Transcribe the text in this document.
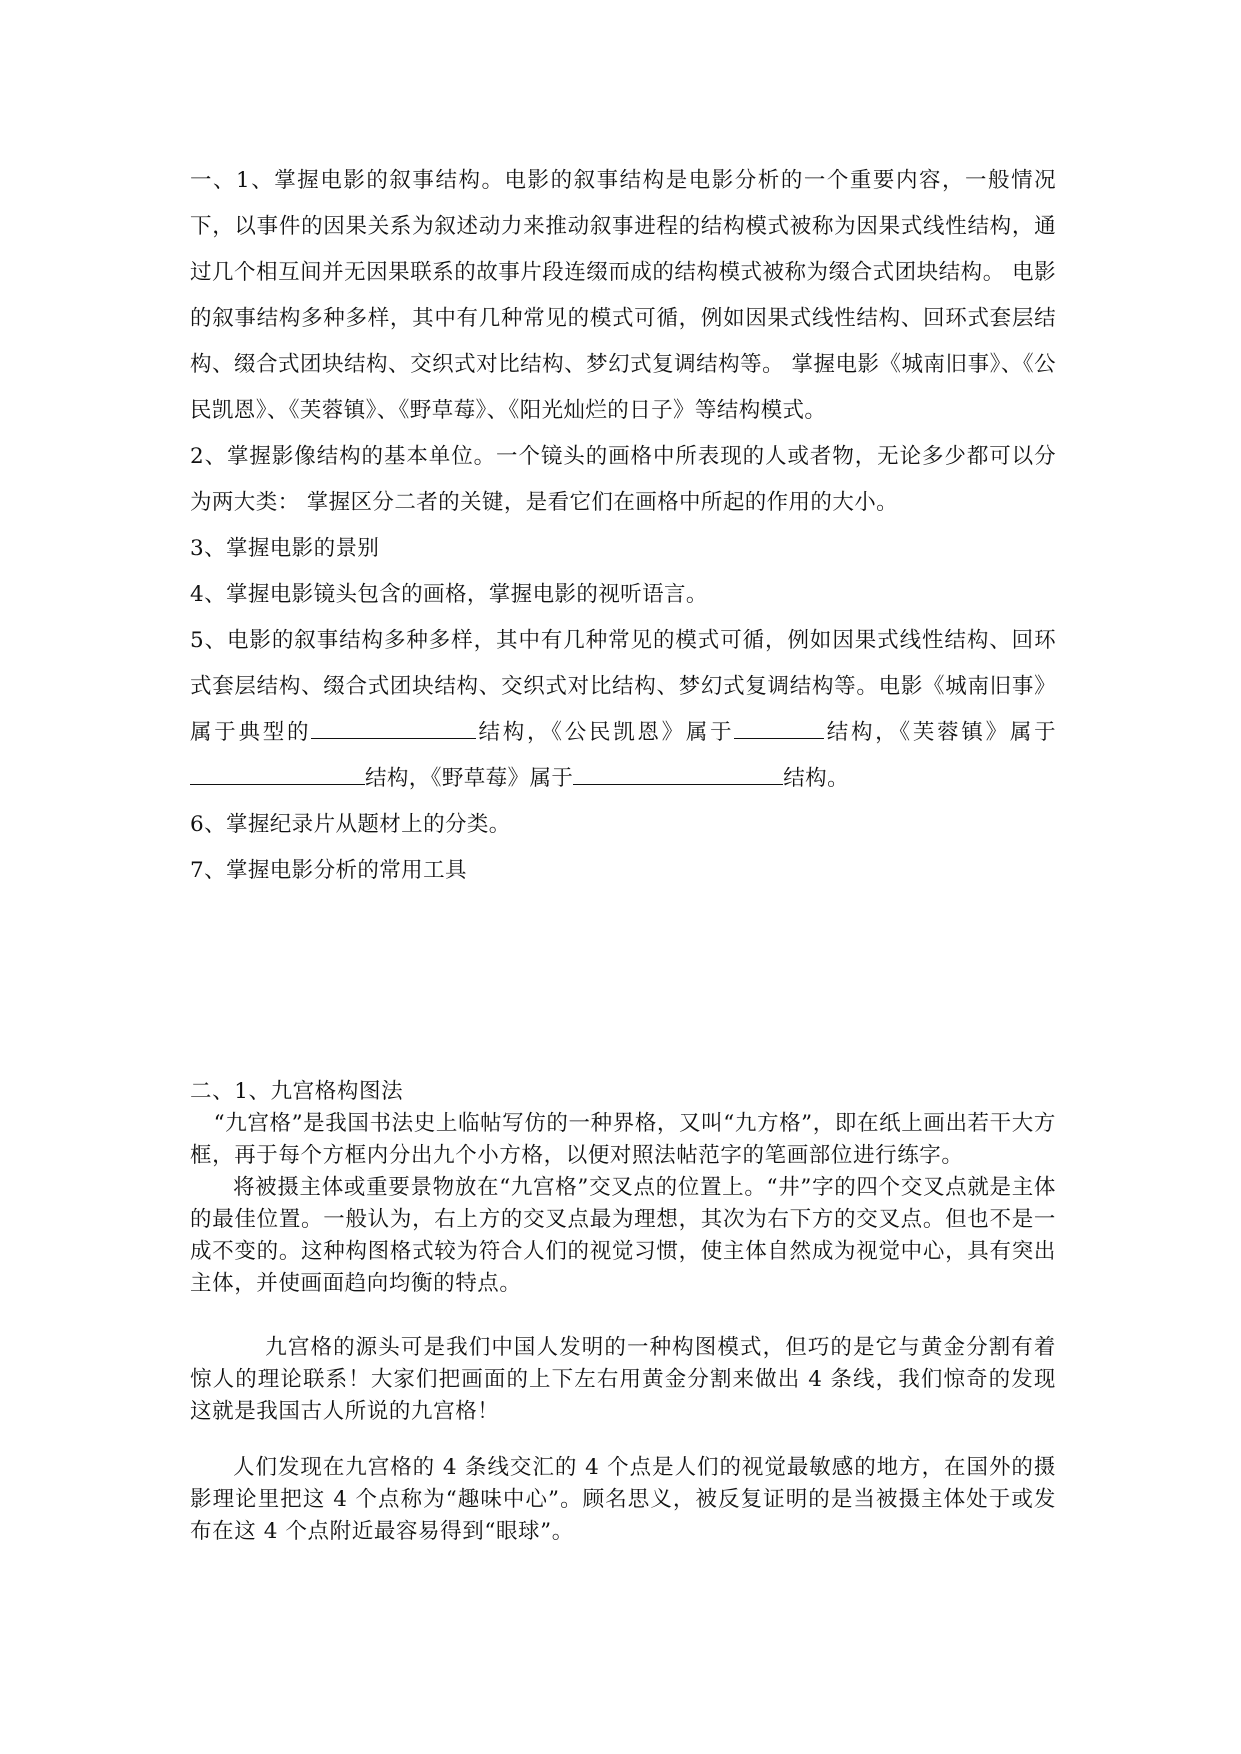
一、1、掌握电影的叙事结构。电影的叙事结构是电影分析的一个重要内容，一般情况下，以事件的因果关系为叙述动力来推动叙事进程的结构模式被称为因果式线性结构，通过几个相互间并无因果联系的故事片段连缀而成的结构模式被称为缀合式团块结构。 电影的叙事结构多种多样，其中有几种常见的模式可循，例如因果式线性结构、回环式套层结构、缀合式团块结构、交织式对比结构、梦幻式复调结构等。 掌握电影《城南旧事》、《公民凯恩》、《芙蓉镇》、《野草莓》、《阳光灿烂的日子》等结构模式。

2、掌握影像结构的基本单位。一个镜头的画格中所表现的人或者物，无论多少都可以分为两大类： 掌握区分二者的关键，是看它们在画格中所起的作用的大小。

3、掌握电影的景别

4、掌握电影镜头包含的画格，掌握电影的视听语言。

5、电影的叙事结构多种多样，其中有几种常见的模式可循，例如因果式线性结构、回环式套层结构、缀合式团块结构、交织式对比结构、梦幻式复调结构等。电影《城南旧事》属于典型的	结构，《公民凯恩》属于	结构，《芙蓉镇》属于结构，《野草莓》属于	结构。

6、掌握纪录片从题材上的分类。

7、掌握电影分析的常用工具

二、1、九宫格构图法

“九宫格”是我国书法史上临帖写仿的一种界格，又叫“九方格”，即在纸上画出若干大方框，再于每个方框内分出九个小方格，以便对照法帖范字的笔画部位进行练字。

将被摄主体或重要景物放在“九宫格”交叉点的位置上。“井”字的四个交叉点就是主体的最佳位置。一般认为，右上方的交叉点最为理想，其次为右下方的交叉点。但也不是一成不变的。这种构图格式较为符合人们的视觉习惯，使主体自然成为视觉中心，具有突出主体，并使画面趋向均衡的特点。

九宫格的源头可是我们中国人发明的一种构图模式，但巧的是它与黄金分割有着惊人的理论联系！大家们把画面的上下左右用黄金分割来做出 4 条线，我们惊奇的发现这就是我国古人所说的九宫格！

人们发现在九宫格的 4 条线交汇的 4 个点是人们的视觉最敏感的地方，在国外的摄影理论里把这 4 个点称为“趣味中心”。顾名思义，被反复证明的是当被摄主体处于或发布在这 4 个点附近最容易得到“眼球”。
